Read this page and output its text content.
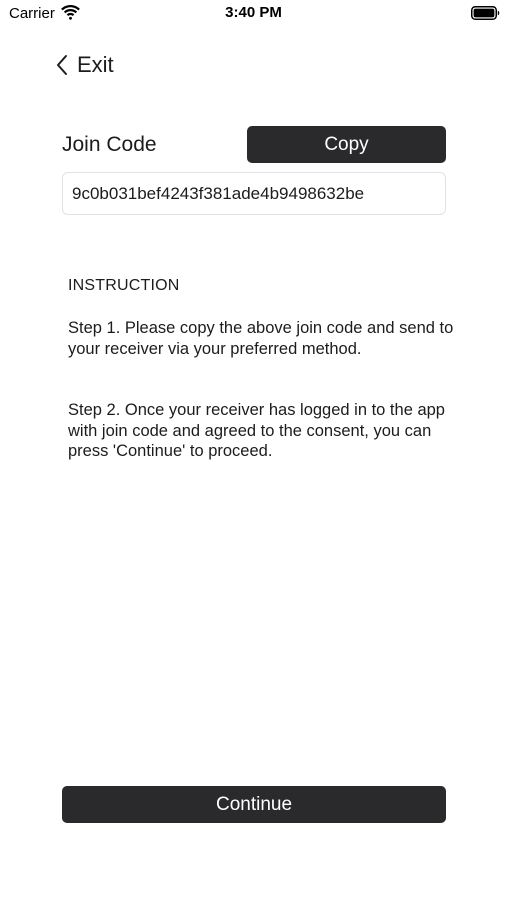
Carrier	3:40 PM
Exit
Join Code	Copy
9c0b031bef4243f381ade4b9498632be
INSTRUCTION

Step 1. Please copy the above join code and send to your receiver via your preferred method.

Step 2. Once your receiver has logged in to the app with join code and agreed to the consent, you can press 'Continue' to proceed.

Continue
